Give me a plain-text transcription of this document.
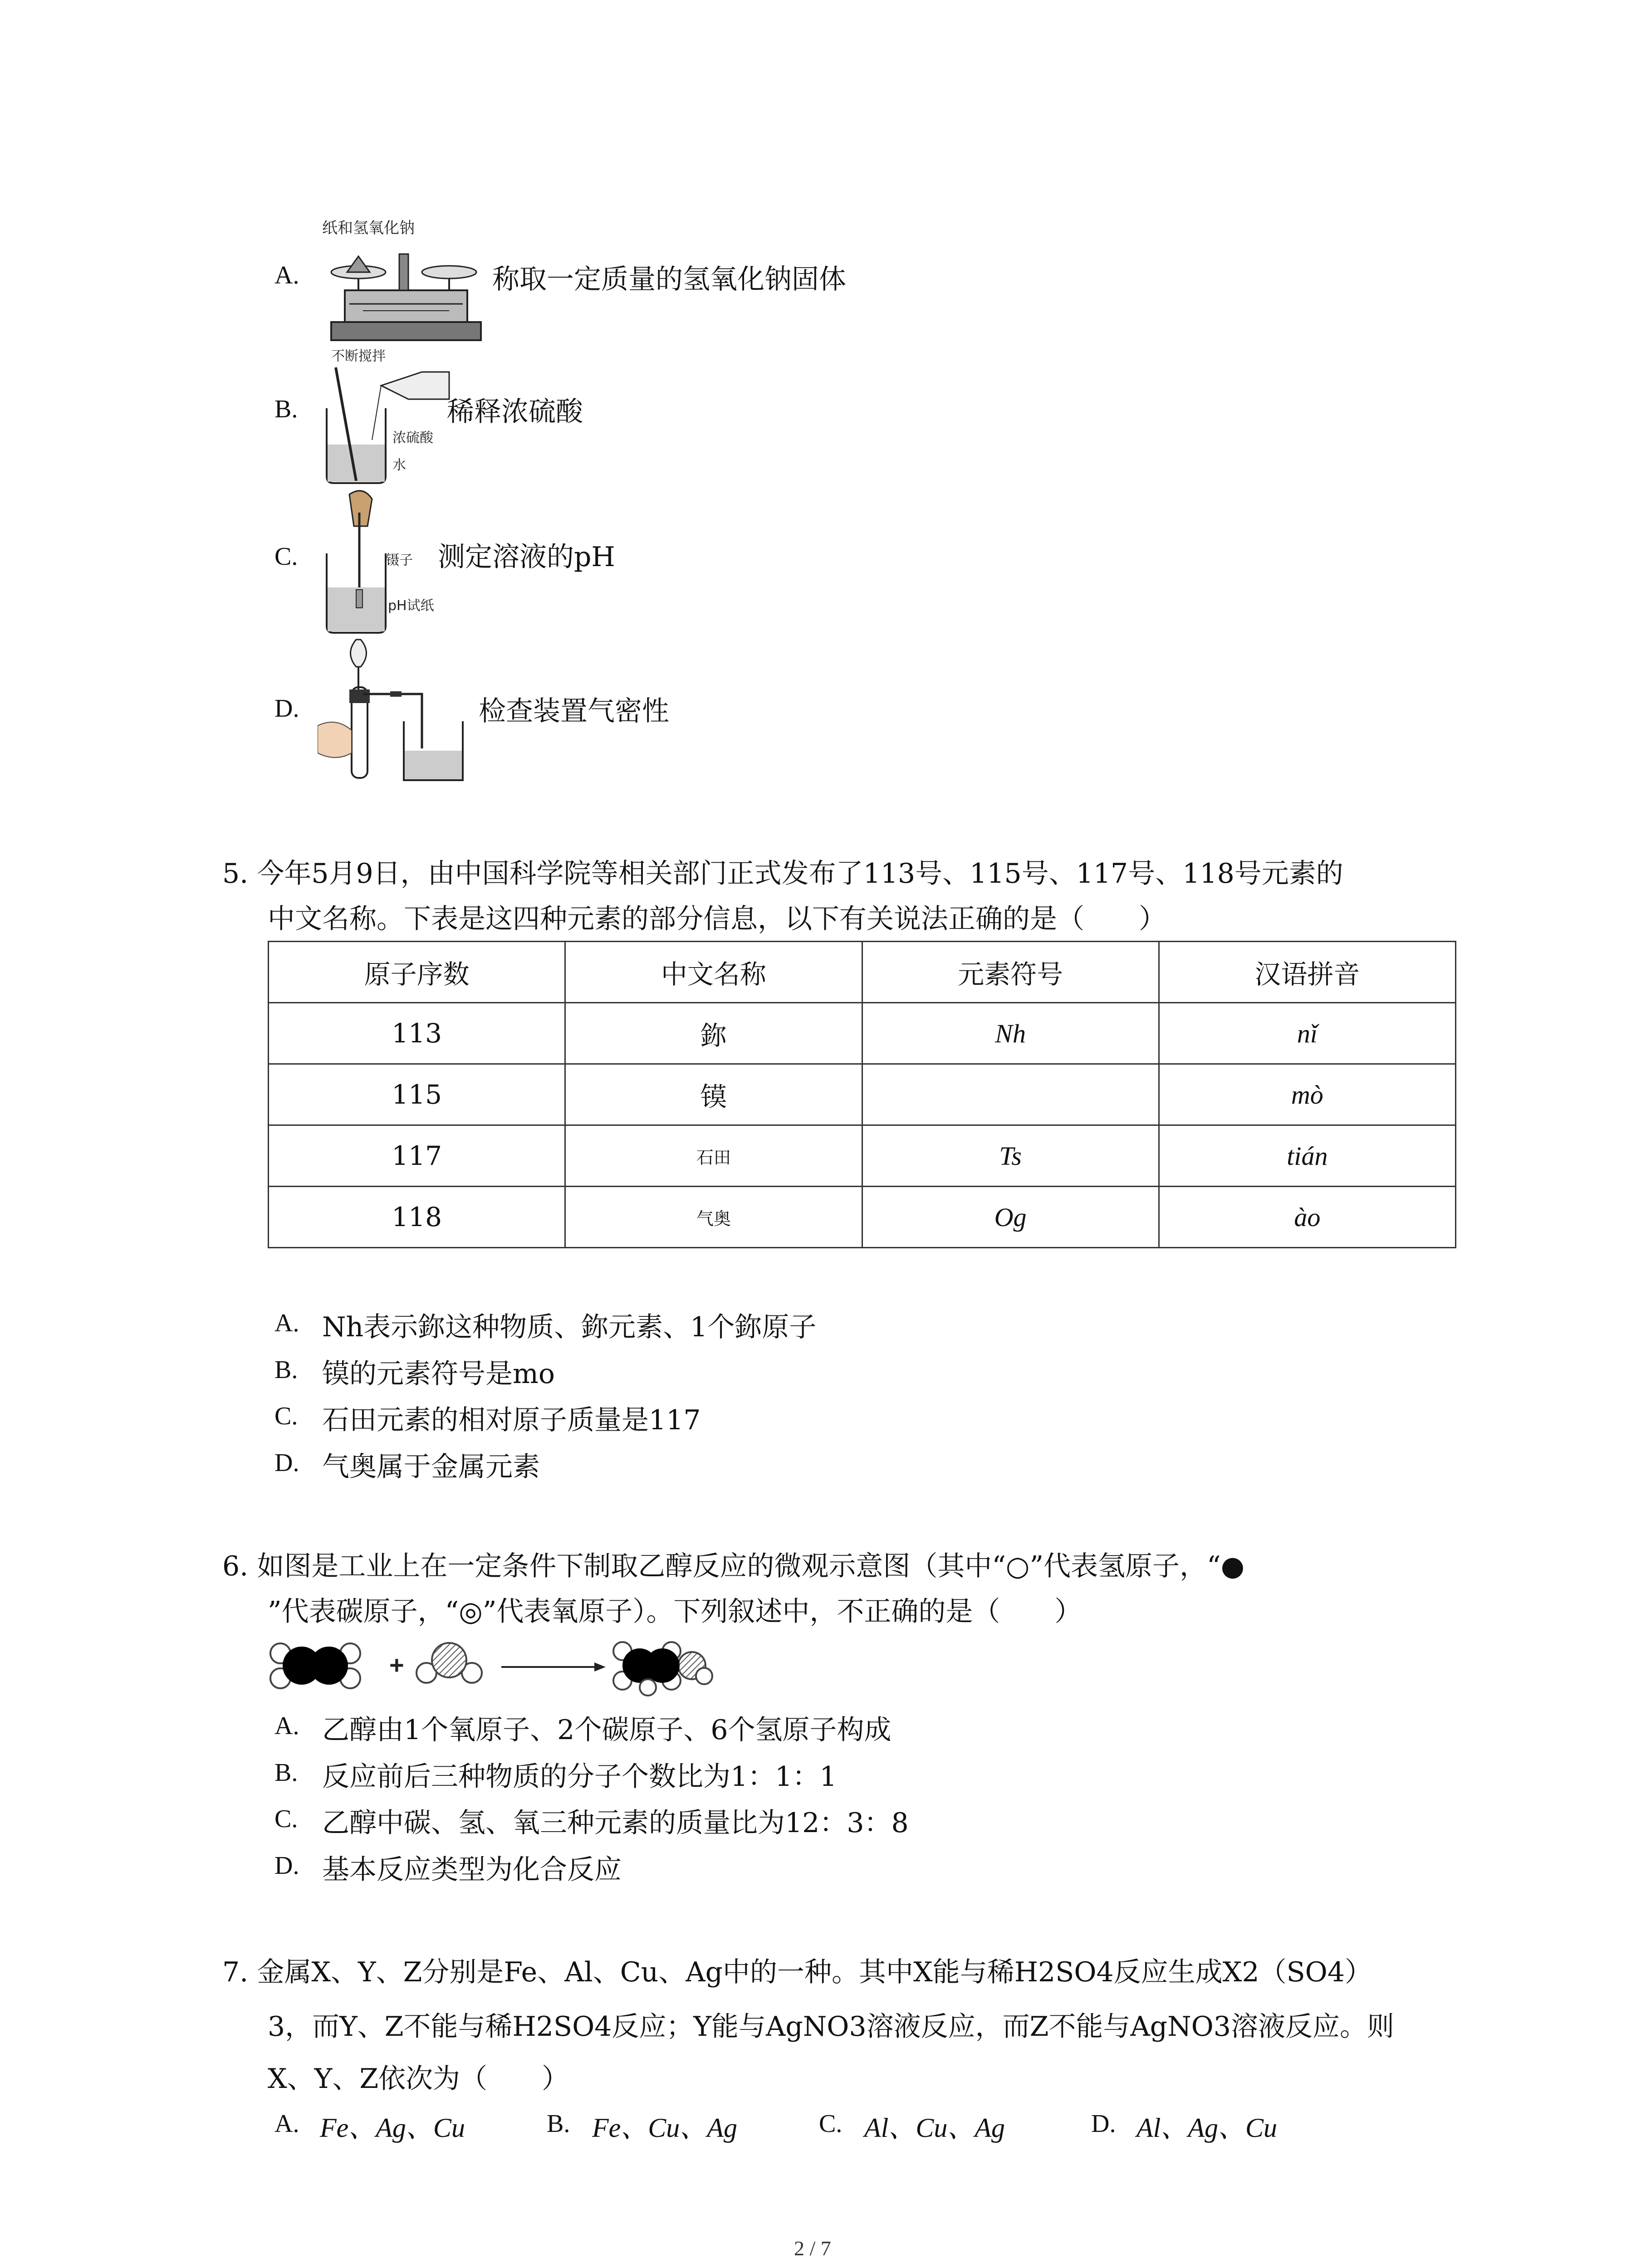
A.
纸和氢氧化钠
称取一定质量的氢氧化钠固体
B.
不断搅拌
浓硫酸
水
稀释浓硫酸
C.	镊子
pH试纸
测定溶液的pH
D.	检查装置气密性
5. 今年5月9日，由中国科学院等相关部门正式发布了113号、115号、117号、118号元素的
中文名称。下表是这四种元素的部分信息，以下有关说法正确的是（　　）
原子序数	中文名称	元素符号	汉语拼音
113	鉨	Nh	nǐ
115	镆		mò
117	石田	Ts	tián
118	气奥	Og	ào
A. Nh表示鉨这种物质、鉨元素、1个鉨原子
B. 镆的元素符号是mo
C. 石田元素的相对原子质量是117
D. 气奥属于金属元素
6. 如图是工业上在一定条件下制取乙醇反应的微观示意图（其中“○”代表氢原子，“●
”代表碳原子，“◎”代表氧原子）。下列叙述中，不正确的是（　　）
+
A. 乙醇由1个氧原子、2个碳原子、6个氢原子构成
B. 反应前后三种物质的分子个数比为1：1：1
C. 乙醇中碳、氢、氧三种元素的质量比为12：3：8
D. 基本反应类型为化合反应
7. 金属X、Y、Z分别是Fe、Al、Cu、Ag中的一种。其中X能与稀H2SO4反应生成X2（SO4）
3，而Y、Z不能与稀H2SO4反应；Y能与AgNO3溶液反应，而Z不能与AgNO3溶液反应。则
X、Y、Z依次为（　　）
A. Fe、Ag、Cu	B. Fe、Cu、Ag	C. Al、Cu、Ag	D. Al、Ag、Cu
2 / 7
